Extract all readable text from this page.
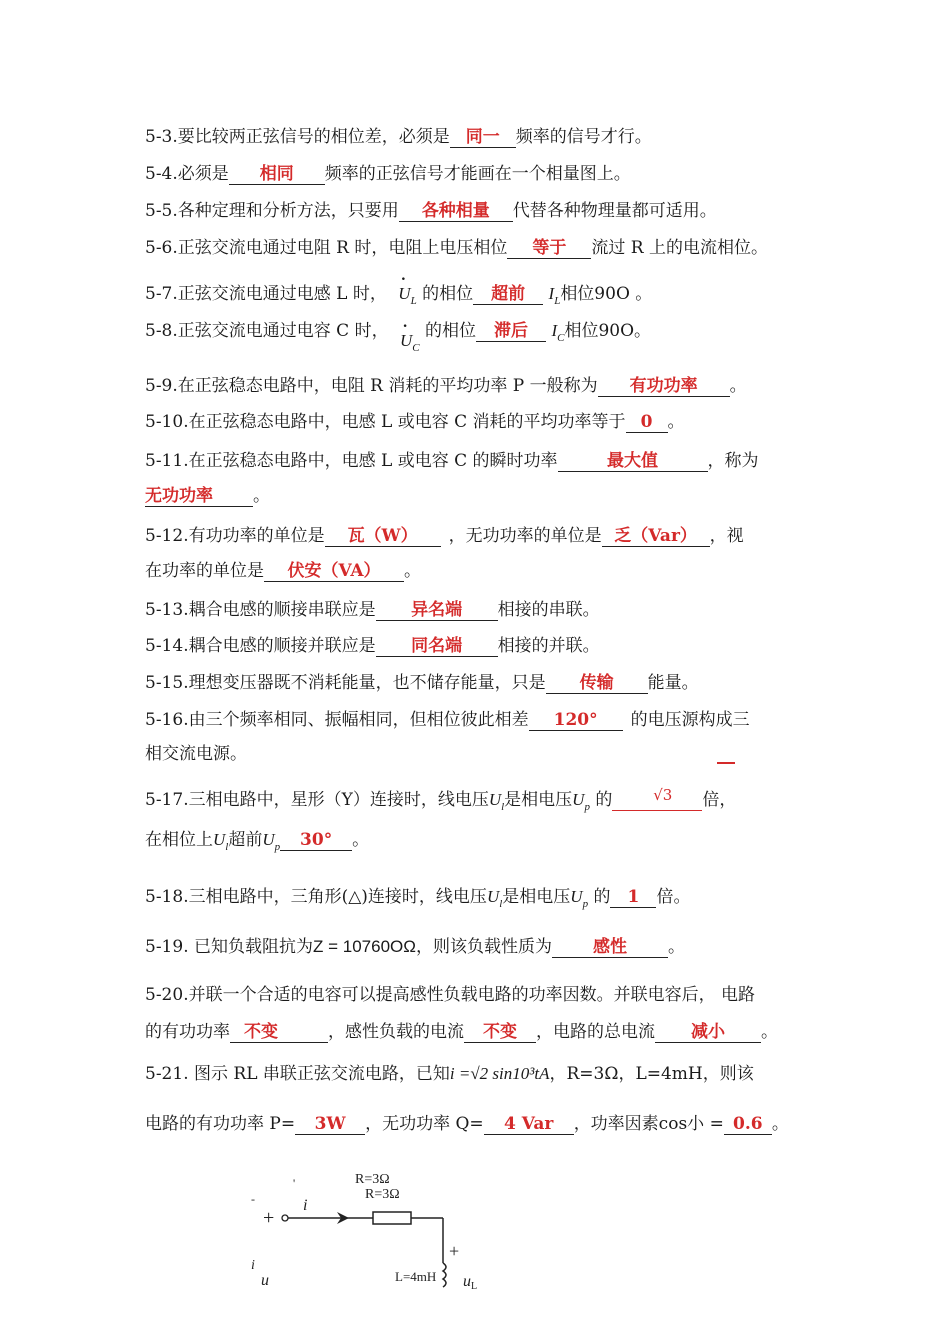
5-3.要比较两正弦信号的相位差，必须是 同一 频率的信号才行。
5-4.必须是 相同 频率的正弦信号才能画在一个相量图上。
5-5.各种定理和分析方法，只要用 各种相量 代替各种物理量都可适用。
5-6.正弦交流电通过电阻 R 时，电阻上电压相位 等于 流过 R 上的电流相位。
5-7.正弦交流电通过电感 L 时， · $U_L$ 的相位 超前 $I_L$相位90O 。
5-8.正弦交流电通过电容 C 时， · $U_C$ 的相位 滞后 $I_C$相位90O。
5-9.在正弦稳态电路中，电阻 R 消耗的平均功率 P 一般称为 有功功率 。
5-10.在正弦稳态电路中，电感 L 或电容 C 消耗的平均功率等于 0 。
5-11.在正弦稳态电路中，电感 L 或电容 C 的瞬时功率	最大值	，称为
无功功率 。
5-12.有功功率的单位是 瓦（W） ，无功功率的单位是 乏（Var） ，视
在功率的单位是 伏安（VA） 。
5-13.耦合电感的顺接串联应是 异名端 相接的串联。
5-14.耦合电感的顺接并联应是 同名端 相接的并联。
5-15.理想变压器既不消耗能量，也不储存能量，只是 传输 能量。
5-16.由三个频率相同、振幅相同，但相位彼此相差 120° 的电压源构成三
相交流电源。
5-17.三相电路中，星形（Y）连接时，线电压$U_l$是相电压$U_p$ 的	√3 倍，
在相位上$U_l$超前$U_p$ 30° 。
5-18.三相电路中，三角形(△)连接时，线电压$U_l$是相电压$U_p$ 的 1 倍。
5-19. 已知负载阻抗为Z = 10760OΩ，则该负载性质为 感性 。
5-20.并联一个合适的电容可以提高感性负载电路的功率因数。并联电容后， 电路
的有功功率 不变	，感性负载的电流 不变 ，电路的总电流 减小 。
5-21. 图示 RL 串联正弦交流电路，已知i =√2 sin10³tA，R=3Ω，L=4mH，则该
电路的有功功率 P= 3W ，无功功率 Q= 4 Var ，功率因素cos小 = 0.6 。
R=3Ω
R=3Ω
'
-	i
+
+
L=4mH uL
i
u
